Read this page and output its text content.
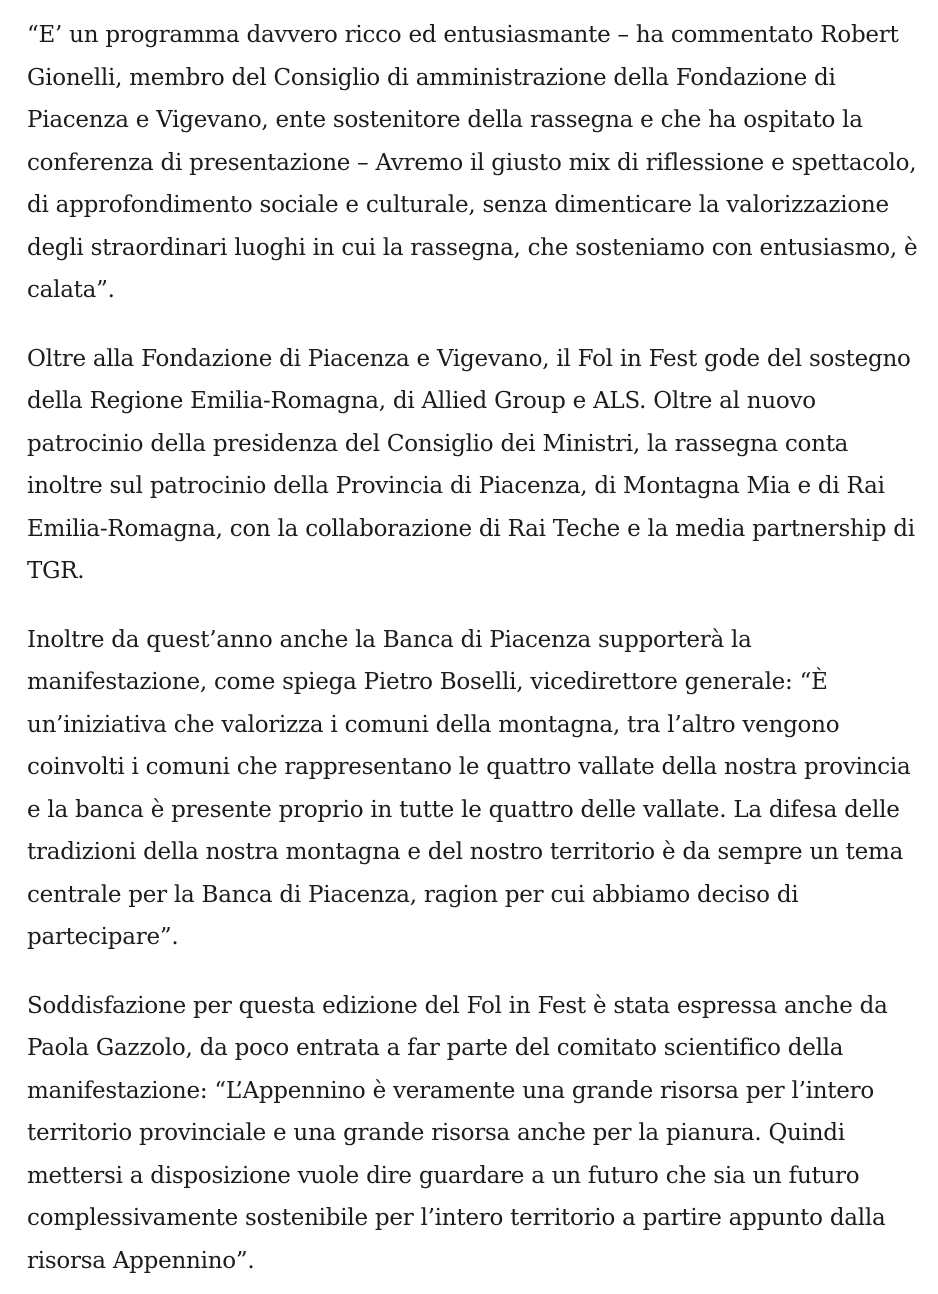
“E’ un programma davvero ricco ed entusiasmante – ha commentato Robert Gionelli, membro del Consiglio di amministrazione della Fondazione di Piacenza e Vigevano, ente sostenitore della rassegna e che ha ospitato la conferenza di presentazione – Avremo il giusto mix di riflessione e spettacolo, di approfondimento sociale e culturale, senza dimenticare la valorizzazione degli straordinari luoghi in cui la rassegna, che sosteniamo con entusiasmo, è calata”.

Oltre alla Fondazione di Piacenza e Vigevano, il Fol in Fest gode del sostegno della Regione Emilia-Romagna, di Allied Group e ALS. Oltre al nuovo patrocinio della presidenza del Consiglio dei Ministri, la rassegna conta inoltre sul patrocinio della Provincia di Piacenza, di Montagna Mia e di Rai Emilia-Romagna, con la collaborazione di Rai Teche e la media partnership di TGR.

Inoltre da quest’anno anche la Banca di Piacenza supporterà la manifestazione, come spiega Pietro Boselli, vicedirettore generale: “È un’iniziativa che valorizza i comuni della montagna, tra l’altro vengono coinvolti i comuni che rappresentano le quattro vallate della nostra provincia e la banca è presente proprio in tutte le quattro delle vallate. La difesa delle tradizioni della nostra montagna e del nostro territorio è da sempre un tema centrale per la Banca di Piacenza, ragion per cui abbiamo deciso di partecipare”.

Soddisfazione per questa edizione del Fol in Fest è stata espressa anche da Paola Gazzolo, da poco entrata a far parte del comitato scientifico della manifestazione: “L’Appennino è veramente una grande risorsa per l’intero territorio provinciale e una grande risorsa anche per la pianura. Quindi mettersi a disposizione vuole dire guardare a un futuro che sia un futuro complessivamente sostenibile per l’intero territorio a partire appunto dalla risorsa Appennino”.
